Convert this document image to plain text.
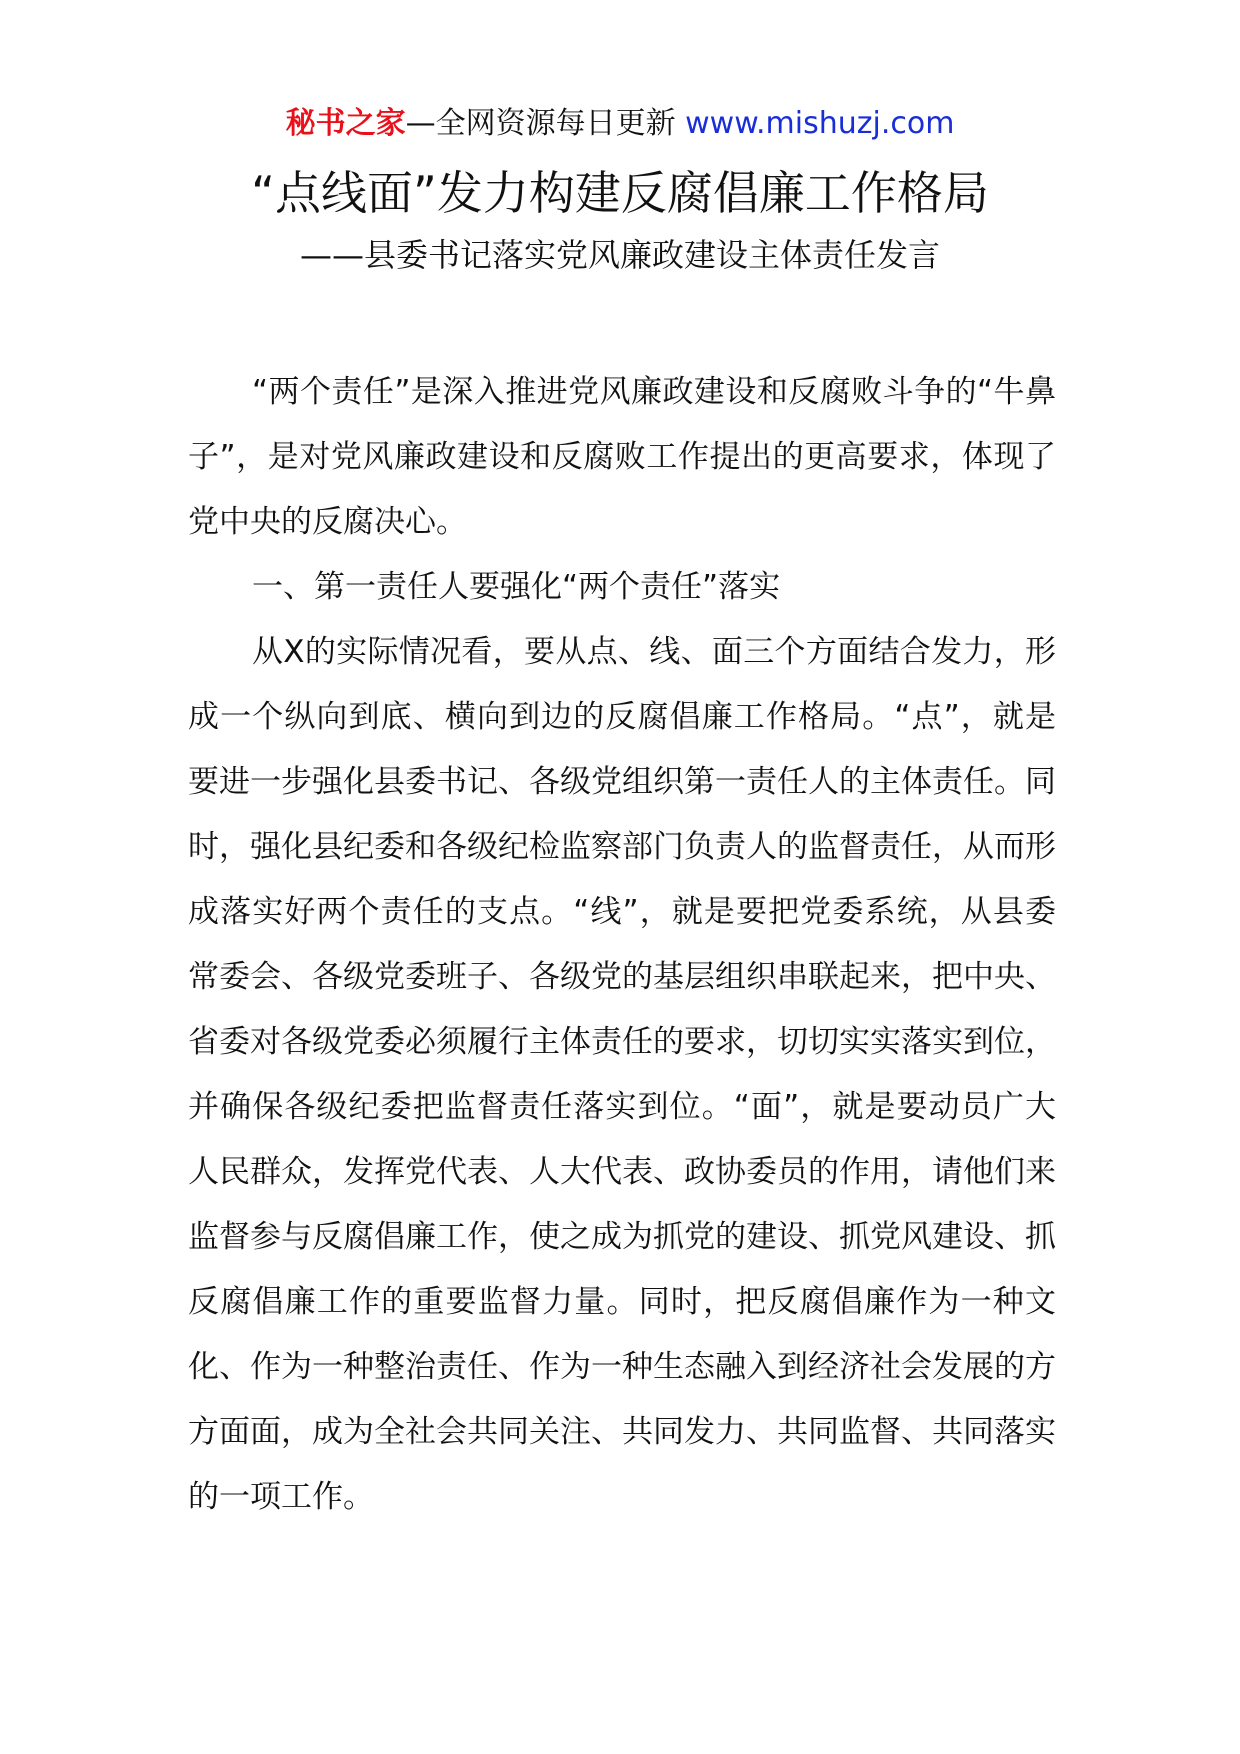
秘书之家—全网资源每日更新 www.mishuzj.com
“点线面”发力构建反腐倡廉工作格局
——县委书记落实党风廉政建设主体责任发言

“两个责任”是深入推进党风廉政建设和反腐败斗争的“牛鼻子”，是对党风廉政建设和反腐败工作提出的更高要求，体现了党中央的反腐决心。

一、第一责任人要强化“两个责任”落实

从X的实际情况看，要从点、线、面三个方面结合发力，形成一个纵向到底、横向到边的反腐倡廉工作格局。“点”，就是要进一步强化县委书记、各级党组织第一责任人的主体责任。同时，强化县纪委和各级纪检监察部门负责人的监督责任，从而形成落实好两个责任的支点。“线”，就是要把党委系统，从县委常委会、各级党委班子、各级党的基层组织串联起来，把中央、省委对各级党委必须履行主体责任的要求，切切实实落实到位，并确保各级纪委把监督责任落实到位。“面”，就是要动员广大人民群众，发挥党代表、人大代表、政协委员的作用，请他们来监督参与反腐倡廉工作，使之成为抓党的建设、抓党风建设、抓反腐倡廉工作的重要监督力量。同时，把反腐倡廉作为一种文化、作为一种整治责任、作为一种生态融入到经济社会发展的方方面面，成为全社会共同关注、共同发力、共同监督、共同落实的一项工作。
